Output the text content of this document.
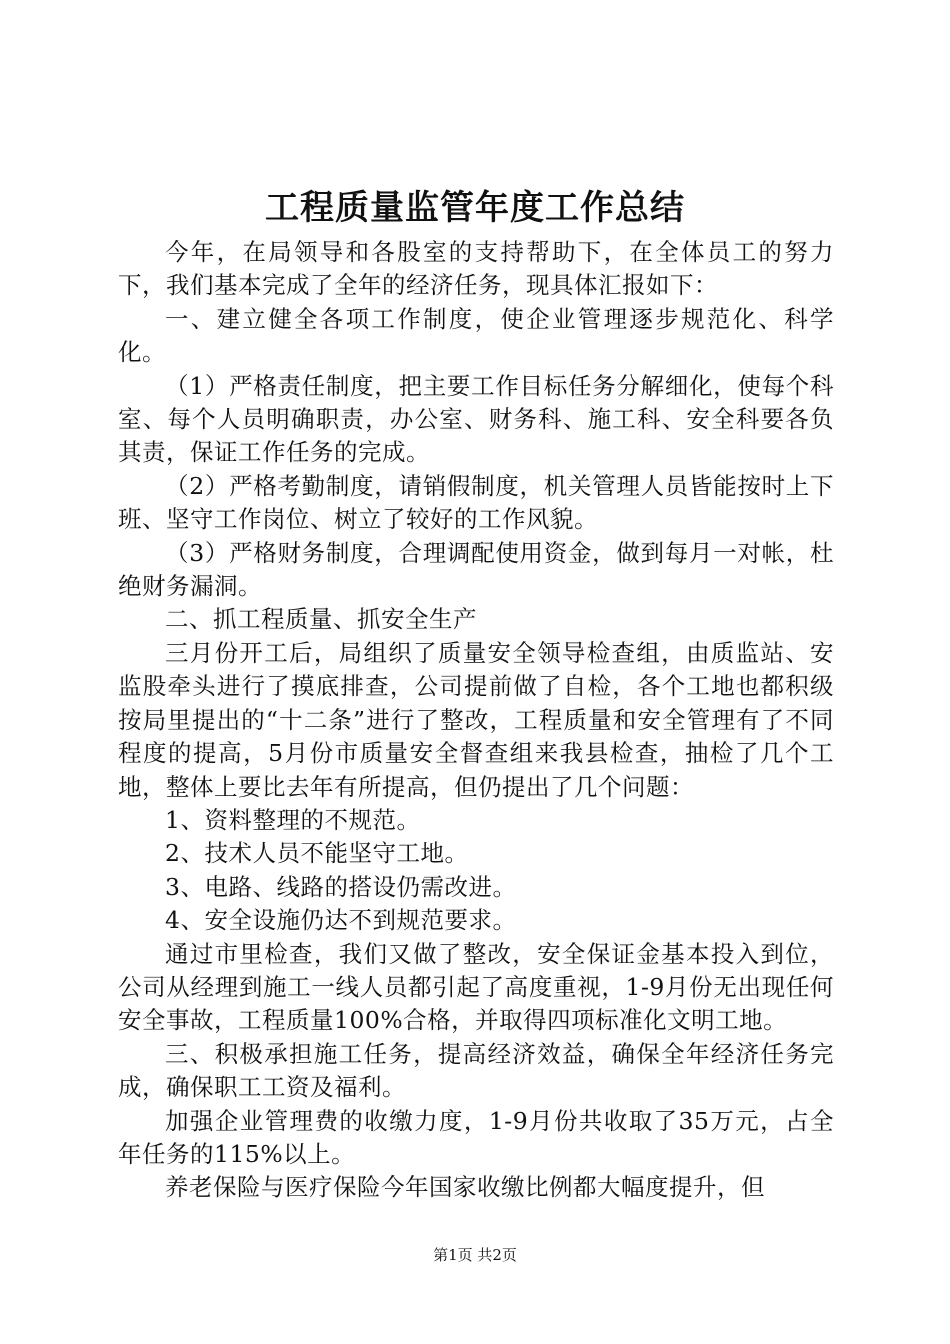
工程质量监管年度工作总结

今年，在局领导和各股室的支持帮助下，在全体员工的努力下，我们基本完成了全年的经济任务，现具体汇报如下：

一、建立健全各项工作制度，使企业管理逐步规范化、科学化。

（1）严格责任制度，把主要工作目标任务分解细化，使每个科室、每个人员明确职责，办公室、财务科、施工科、安全科要各负其责，保证工作任务的完成。

（2）严格考勤制度，请销假制度，机关管理人员皆能按时上下班、坚守工作岗位、树立了较好的工作风貌。

（3）严格财务制度，合理调配使用资金，做到每月一对帐，杜绝财务漏洞。

二、抓工程质量、抓安全生产

三月份开工后，局组织了质量安全领导检查组，由质监站、安监股牵头进行了摸底排查，公司提前做了自检，各个工地也都积级按局里提出的“十二条”进行了整改，工程质量和安全管理有了不同程度的提高，5月份市质量安全督查组来我县检查，抽检了几个工地，整体上要比去年有所提高，但仍提出了几个问题：

1、资料整理的不规范。

2、技术人员不能坚守工地。

3、电路、线路的搭设仍需改进。

4、安全设施仍达不到规范要求。

通过市里检查，我们又做了整改，安全保证金基本投入到位，公司从经理到施工一线人员都引起了高度重视，1-9月份无出现任何安全事故，工程质量100%合格，并取得四项标准化文明工地。

三、积极承担施工任务，提高经济效益，确保全年经济任务完成，确保职工工资及福利。

加强企业管理费的收缴力度，1-9月份共收取了35万元，占全年任务的115%以上。

养老保险与医疗保险今年国家收缴比例都大幅度提升，但

第1页 共2页
